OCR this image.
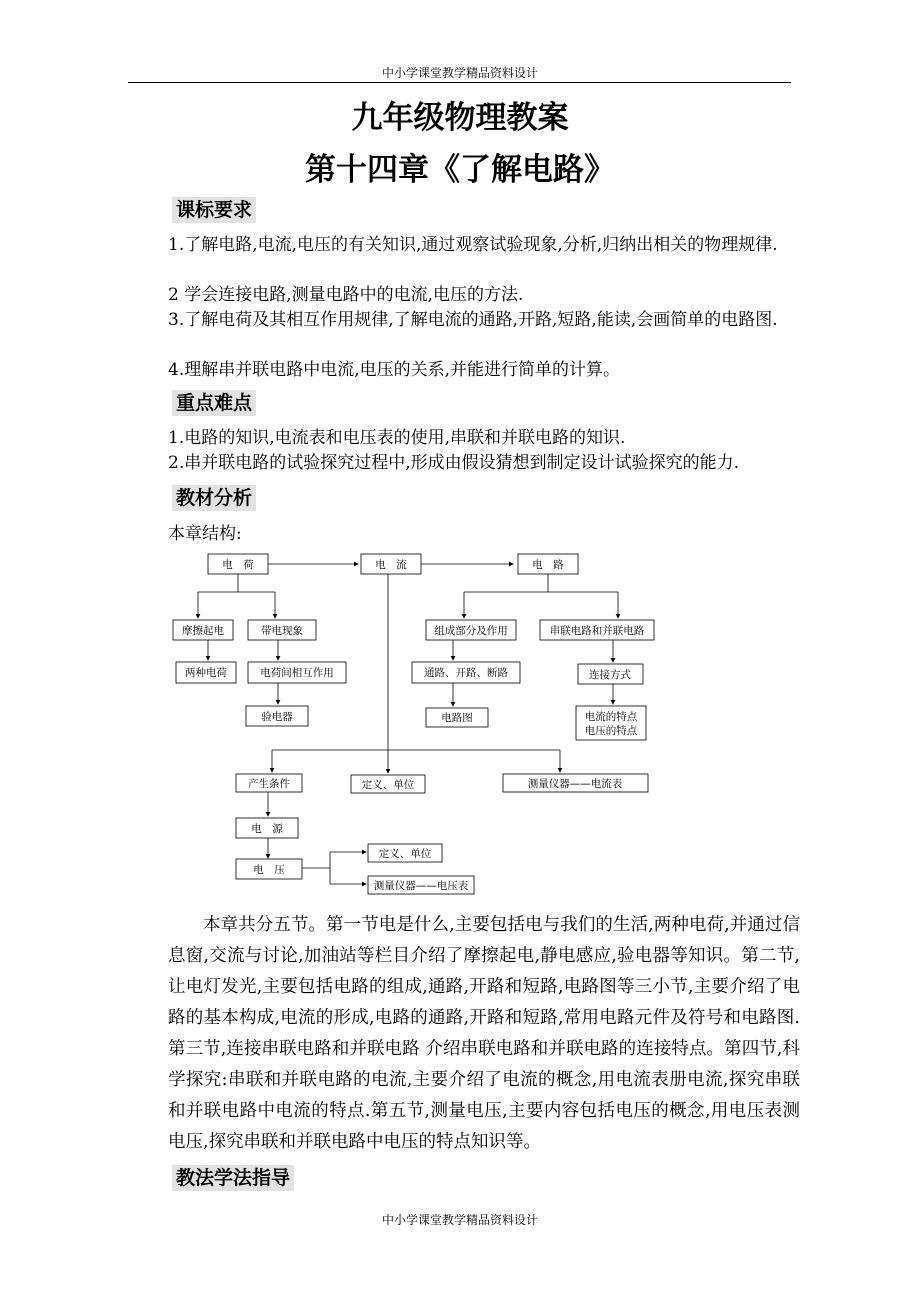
中小学课堂教学精品资料设计
九年级物理教案
第十四章《了解电路》
课标要求

1.了解电路,电流,电压的有关知识,通过观察试验现象,分析,归纳出相关的物理规律.

2 学会连接电路,测量电路中的电流,电压的方法.

3.了解电荷及其相互作用规律,了解电流的通路,开路,短路,能读,会画简单的电路图.

4.理解串并联电路中电流,电压的关系,并能进行简单的计算。

重点难点

1.电路的知识,电流表和电压表的使用,串联和并联电路的知识.

2.串并联电路的试验探究过程中,形成由假设猜想到制定设计试验探究的能力.

教材分析

本章结构:

电　荷	电　流	电　路
摩擦起电	带电现象	组成部分及作用	串联电路和并联电路
两种电荷	电荷间相互作用	通路、开路、断路	连接方式
验电器	电路图	电流的特点
电压的特点
产生条件	定义、单位	测量仪器——电流表
电　源
电　压
定义、单位
测量仪器——电压表

本章共分五节。第一节电是什么,主要包括电与我们的生活,两种电荷,并通过信息窗,交流与讨论,加油站等栏目介绍了摩擦起电,静电感应,验电器等知识。第二节,让电灯发光,主要包括电路的组成,通路,开路和短路,电路图等三小节,主要介绍了电路的基本构成,电流的形成,电路的通路,开路和短路,常用电路元件及符号和电路图.第三节,连接串联电路和并联电路 介绍串联电路和并联电路的连接特点。第四节,科学探究:串联和并联电路的电流,主要介绍了电流的概念,用电流表册电流,探究串联和并联电路中电流的特点.第五节,测量电压,主要内容包括电压的概念,用电压表测电压,探究串联和并联电路中电压的特点知识等。

教法学法指导
中小学课堂教学精品资料设计
